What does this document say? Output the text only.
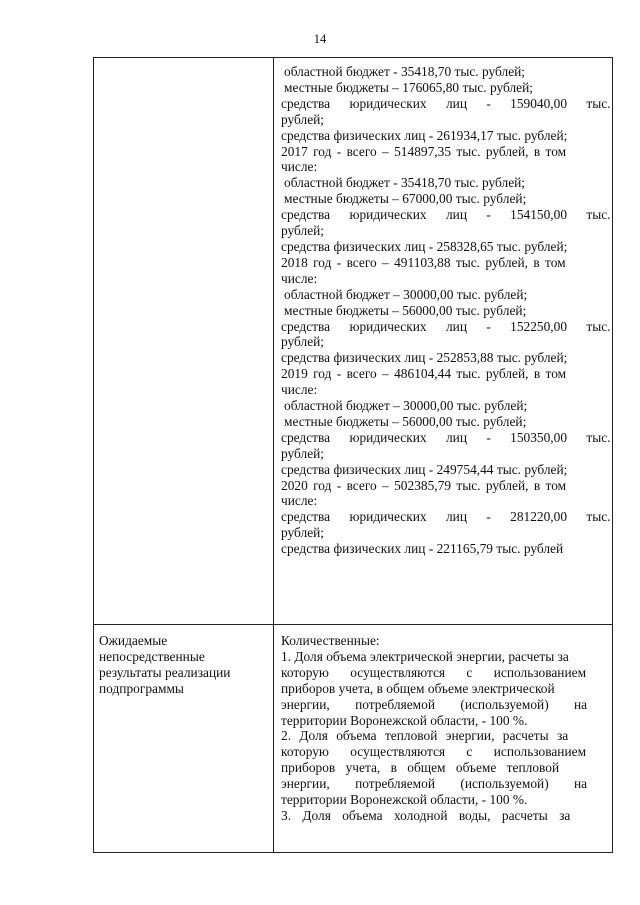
14
областной бюджет - 35418,70 тыс. рублей;
местные бюджеты – 176065,80 тыс. рублей;
средства юридических лиц - 159040,00 тыс.
рублей;
средства физических лиц - 261934,17 тыс. рублей;
2017 год - всего – 514897,35 тыс. рублей, в том
числе:
областной бюджет - 35418,70 тыс. рублей;
местные бюджеты – 67000,00 тыс. рублей;
средства юридических лиц - 154150,00 тыс.
рублей;
средства физических лиц - 258328,65 тыс. рублей;
2018 год - всего – 491103,88 тыс. рублей, в том
числе:
областной бюджет – 30000,00 тыс. рублей;
местные бюджеты – 56000,00 тыс. рублей;
средства юридических лиц - 152250,00 тыс.
рублей;
средства физических лиц - 252853,88 тыс. рублей;
2019 год - всего – 486104,44 тыс. рублей, в том
числе:
областной бюджет – 30000,00 тыс. рублей;
местные бюджеты – 56000,00 тыс. рублей;
средства юридических лиц - 150350,00 тыс.
рублей;
средства физических лиц - 249754,44 тыс. рублей;
2020 год - всего – 502385,79 тыс. рублей, в том
числе:
средства юридических лиц - 281220,00 тыс.
рублей;
средства физических лиц - 221165,79 тыс. рублей
Ожидаемые
непосредственные
результаты реализации
подпрограммы
Количественные:
1. Доля объема электрической энергии, расчеты за
которую осуществляются с использованием
приборов учета, в общем объеме электрической
энергии, потребляемой (используемой) на
территории Воронежской области, - 100 %.
2. Доля объема тепловой энергии, расчеты за
которую осуществляются с использованием
приборов учета, в общем объеме тепловой
энергии, потребляемой (используемой) на
территории Воронежской области, - 100 %.
3. Доля объема холодной воды, расчеты за
